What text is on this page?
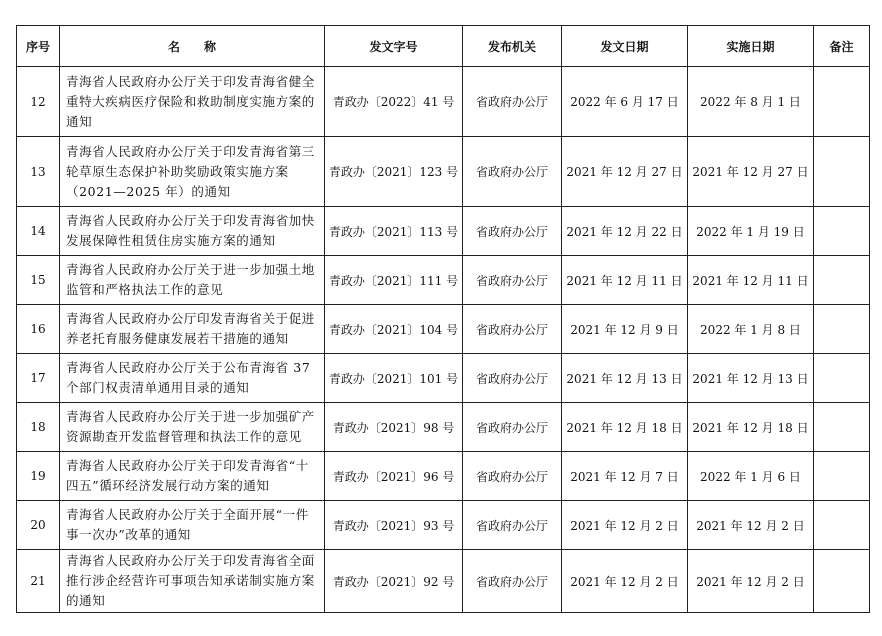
序号	名　　称	发文字号	发布机关	发文日期	实施日期	备注
12	青海省人民政府办公厅关于印发青海省健全重特大疾病医疗保险和救助制度实施方案的通知	青政办〔2022〕41 号	省政府办公厅	2022 年 6 月 17 日	2022 年 8 月 1 日	
13	青海省人民政府办公厅关于印发青海省第三轮草原生态保护补助奖励政策实施方案（2021—2025 年）的通知	青政办〔2021〕123 号	省政府办公厅	2021 年 12 月 27 日	2021 年 12 月 27 日	
14	青海省人民政府办公厅关于印发青海省加快发展保障性租赁住房实施方案的通知	青政办〔2021〕113 号	省政府办公厅	2021 年 12 月 22 日	2022 年 1 月 19 日	
15	青海省人民政府办公厅关于进一步加强土地监管和严格执法工作的意见	青政办〔2021〕111 号	省政府办公厅	2021 年 12 月 11 日	2021 年 12 月 11 日	
16	青海省人民政府办公厅印发青海省关于促进养老托育服务健康发展若干措施的通知	青政办〔2021〕104 号	省政府办公厅	2021 年 12 月 9 日	2022 年 1 月 8 日	
17	青海省人民政府办公厅关于公布青海省 37 个部门权责清单通用目录的通知	青政办〔2021〕101 号	省政府办公厅	2021 年 12 月 13 日	2021 年 12 月 13 日	
18	青海省人民政府办公厅关于进一步加强矿产资源勘查开发监督管理和执法工作的意见	青政办〔2021〕98 号	省政府办公厅	2021 年 12 月 18 日	2021 年 12 月 18 日	
19	青海省人民政府办公厅关于印发青海省“十四五”循环经济发展行动方案的通知	青政办〔2021〕96 号	省政府办公厅	2021 年 12 月 7 日	2022 年 1 月 6 日	
20	青海省人民政府办公厅关于全面开展“一件事一次办”改革的通知	青政办〔2021〕93 号	省政府办公厅	2021 年 12 月 2 日	2021 年 12 月 2 日	
21	青海省人民政府办公厅关于印发青海省全面推行涉企经营许可事项告知承诺制实施方案的通知	青政办〔2021〕92 号	省政府办公厅	2021 年 12 月 2 日	2021 年 12 月 2 日	
